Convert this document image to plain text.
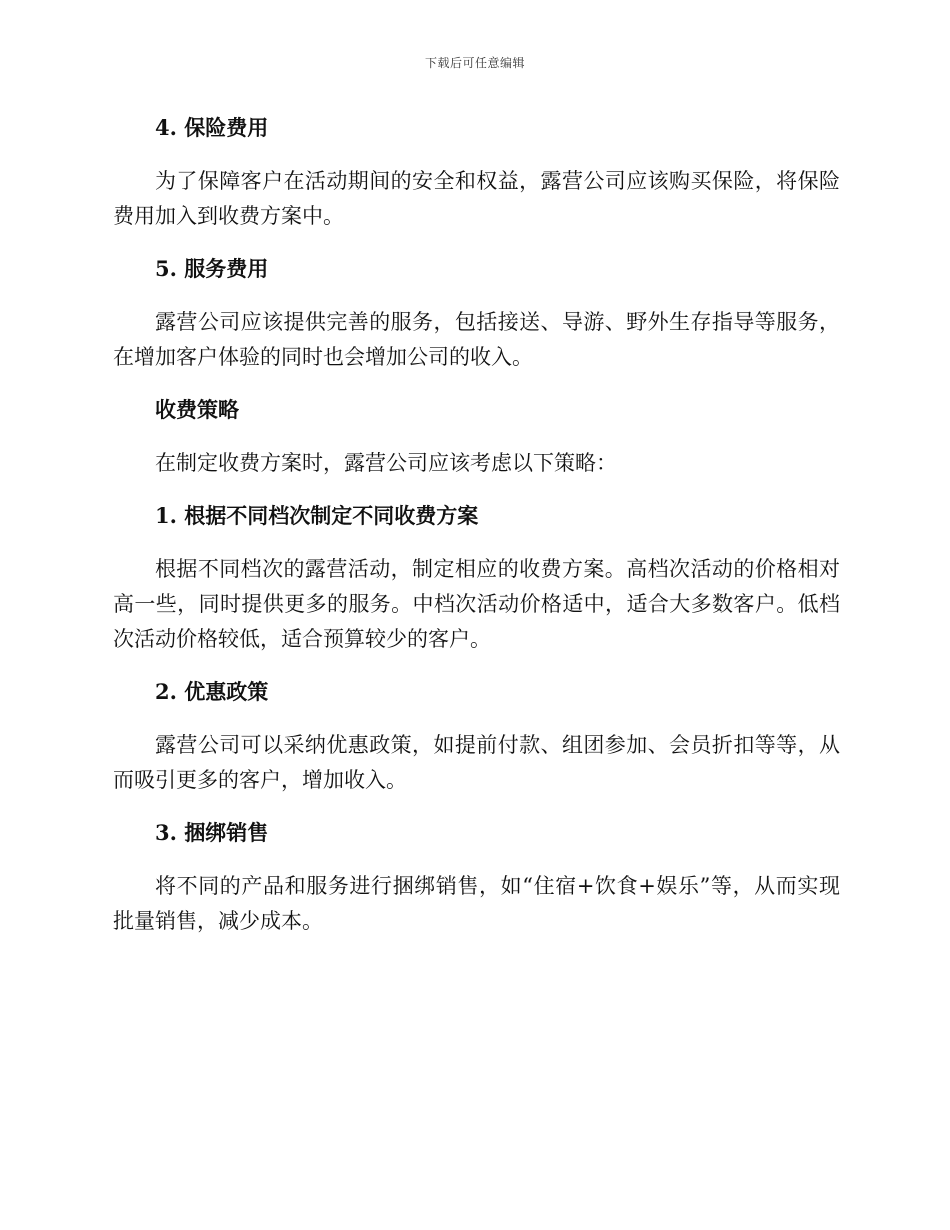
下载后可任意编辑

4. 保险费用

为了保障客户在活动期间的安全和权益，露营公司应该购买保险，将保险费用加入到收费方案中。

5. 服务费用

露营公司应该提供完善的服务，包括接送、导游、野外生存指导等服务，在增加客户体验的同时也会增加公司的收入。

收费策略

在制定收费方案时，露营公司应该考虑以下策略：

1. 根据不同档次制定不同收费方案

根据不同档次的露营活动，制定相应的收费方案。高档次活动的价格相对高一些，同时提供更多的服务。中档次活动价格适中，适合大多数客户。低档次活动价格较低，适合预算较少的客户。

2. 优惠政策

露营公司可以采纳优惠政策，如提前付款、组团参加、会员折扣等等，从而吸引更多的客户，增加收入。

3. 捆绑销售

将不同的产品和服务进行捆绑销售，如“住宿+饮食+娱乐”等，从而实现批量销售，减少成本。
